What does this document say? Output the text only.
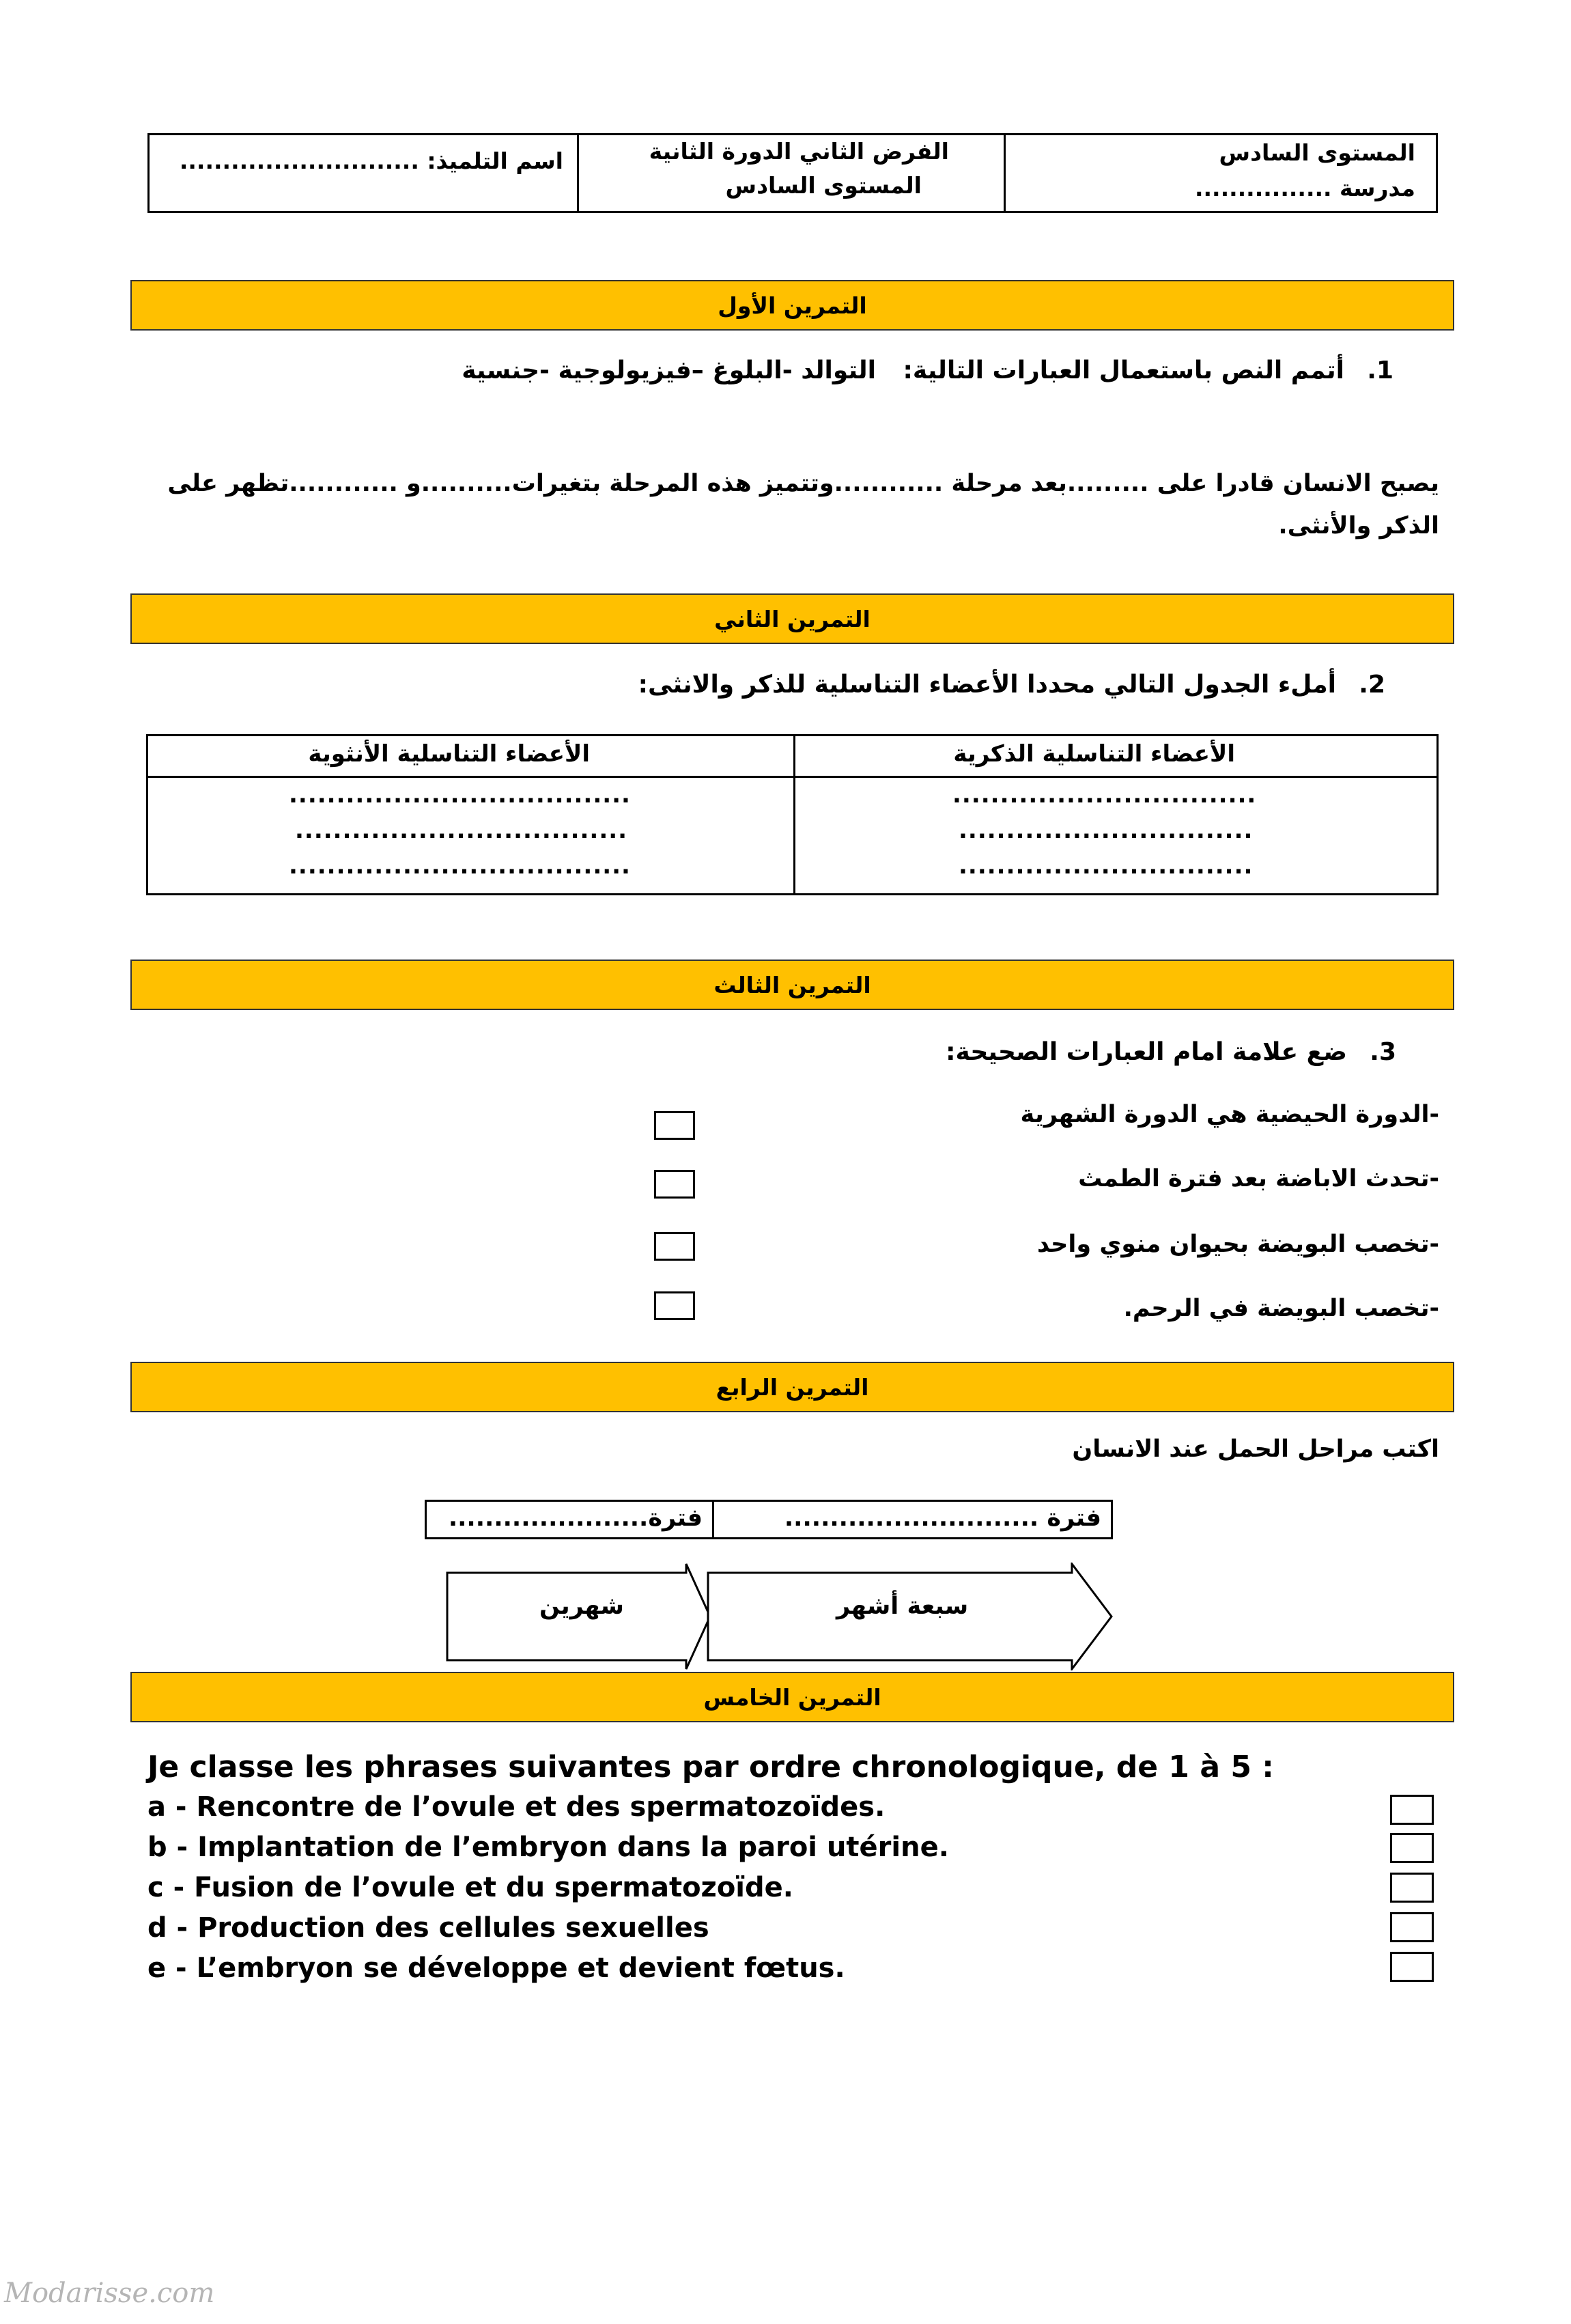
المستوى السادس
مدرسة ................
الفرض الثاني الدورة الثانية
المستوى السادس
اسم التلميذ: ............................
التمرين الأول
1.
أتمم النص باستعمال العبارات التالية:
التوالد -البلوغ –فيزيولوجية -جنسية
يصبح الانسان قادرا على .........بعد مرحلة ............وتتميز هذه المرحلة بتغيرات..........و ............تظهر على
الذكر والأنثى.
التمرين الثاني
2.
أملء الجدول التالي محددا الأعضاء التناسلية للذكر والانثى:
الأعضاء التناسلية الذكرية
الأعضاء التناسلية الأنثوية
................................
...............................
...............................
....................................
...................................
....................................
التمرين الثالث
3.
ضع علامة امام العبارات الصحيحة:
-الدورة الحيضية هي الدورة الشهرية
-تحدث الاباضة بعد فترة الطمث
-تخصب البويضة بحيوان منوي واحد
-تخصب البويضة في الرحم.
التمرين الرابع
اكتب مراحل الحمل عند الانسان
فترة ............................
فترة......................
شهرين	سبعة أشهر
التمرين الخامس
Je classe les phrases suivantes par ordre chronologique, de 1 à 5 :
a - Rencontre de l’ovule et des spermatozoïdes.
b - Implantation de l’embryon dans la paroi utérine.
c - Fusion de l’ovule et du spermatozoïde.
d - Production des cellules sexuelles
e - L’embryon se développe et devient fœtus.
Modarisse.com
